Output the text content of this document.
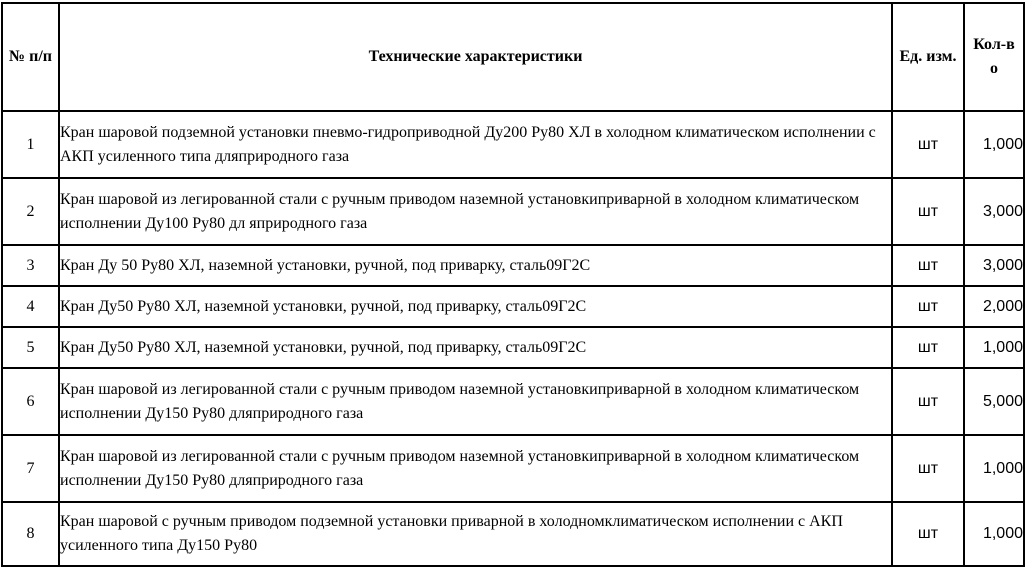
№ п/п	Технические характеристики	Ед. изм.	Кол-во
1	Кран шаровой подземной установки пневмо-гидроприводной Ду200 Ру80 ХЛ в холодном климатическом исполнении с АКП усиленного типа дляприродного газа	шт	1,000
2	Кран шаровой из легированной стали с ручным приводом наземной установкиприварной в холодном климатическом исполнении Ду100 Ру80 дл яприродного газа	шт	3,000
3	Кран Ду 50 Ру80 ХЛ, наземной установки, ручной, под приварку, сталь09Г2С	шт	3,000
4	Кран Ду50 Ру80 ХЛ, наземной установки, ручной, под приварку, сталь09Г2С	шт	2,000
5	Кран Ду50 Ру80 ХЛ, наземной установки, ручной, под приварку, сталь09Г2С	шт	1,000
6	Кран шаровой из легированной стали с ручным приводом наземной установкиприварной в холодном климатическом исполнении Ду150 Ру80 дляприродного газа	шт	5,000
7	Кран шаровой из легированной стали с ручным приводом наземной установкиприварной в холодном климатическом исполнении Ду150 Ру80 дляприродного газа	шт	1,000
8	Кран шаровой с ручным приводом подземной установки приварной в холодномклиматическом исполнении с АКП усиленного типа Ду150 Ру80	шт	1,000
